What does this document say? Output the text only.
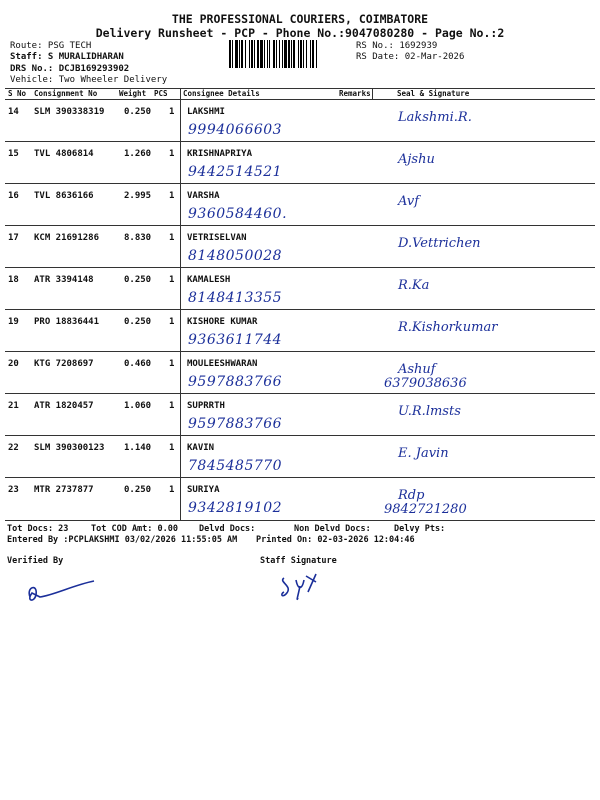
THE PROFESSIONAL COURIERS, COIMBATORE
Delivery Runsheet - PCP - Phone No.:9047080280 - Page No.:2
Route: PSG TECH
Staff: S MURALIDHARAN
DRS No.: DCJB169293902
Vehicle: Two Wheeler Delivery
RS No.: 1692939
RS Date: 02-Mar-2026
S No Consignment No	Weight PCS Consignee Details	Remarks	Seal & Signature
14 SLM 390338319 0.250 1 LAKSHMI
9994066603
Lakshmi.R.
15 TVL 4806814	1.260 1 KRISHNAPRIYA
9442514521
Ajshu
16 TVL 8636166	2.995 1 VARSHA
9360584460.
Avf
17 KCM 21691286	8.830 1 VETRISELVAN
8148050028
D.Vettrichen
18 ATR 3394148	0.250 1 KAMALESH
8148413355
R.Ka
19 PRO 18836441	0.250 1 KISHORE KUMAR
9363611744
R.Kishorkumar
20 KTG 7208697	0.460 1 MOULEESHWARAN
9597883766
Ashuf
6379038636
21 ATR 1820457	1.060 1 SUPRRTH
9597883766
U.R.lmsts
22 SLM 390300123 1.140 1 KAVIN
7845485770
E. Javin
23 MTR 2737877	0.250 1 SURIYA
9342819102
Rdp
9842721280
Tot Docs: 23	Tot COD Amt: 0.00 Delvd Docs:	Non Delvd Docs:	Delvy Pts:
Entered By :PCPLAKSHMI 03/02/2026 11:55:05 AM Printed On: 02-03-2026 12:04:46
Verified By	Staff Signature
